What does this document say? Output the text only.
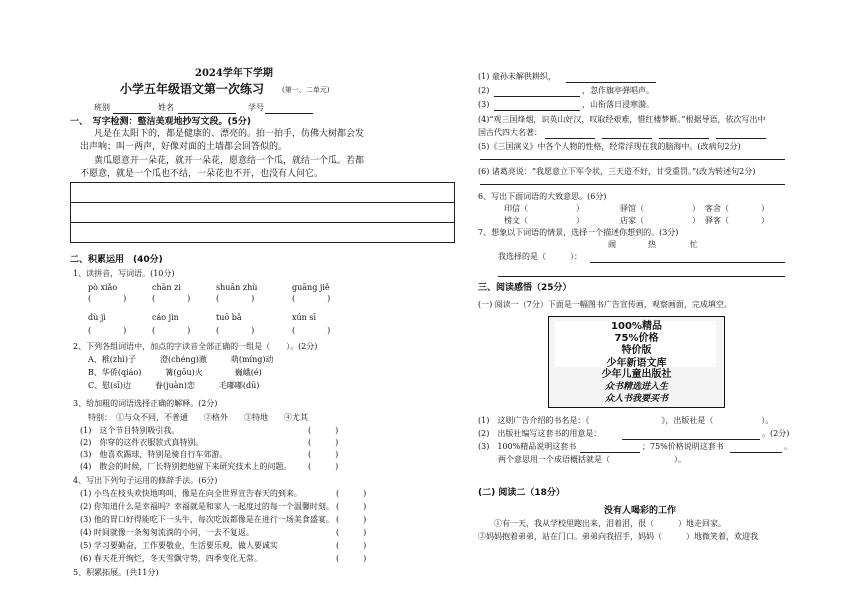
2024学年下学期
小学五年级语文第一次练习	(第一、二单元)
班别	姓名	学号
一、　写字检测：整洁美观地抄写文段。(5分)
凡是在太阳下的，都是健康的、漂亮的。拍一拍手，仿佛大树都会发
出声响；叫一两声，好像对面的土墙都会回答似的。
黄瓜愿意开一朵花，就开一朵花，愿意结一个瓜，就结一个瓜。若都
不愿意，就是一个瓜也不结，一朵花也不开，也没有人问它。
二、积累运用　(40分)
1、读拼音，写词语。(10分)
pò xiǎo	chān zi	shuān zhù	guāng jiě
(　　　　)	(　　　　)	(　　　　)	(　　　　)
dù jì	cáo jìn	tuō bǎ	xún sī
(　　　　)	(　　　　)	(　　　　)	(　　　　)
2、下列各组词语中，加点的字读音全部正确的一组是（　　）。(2分)
A、稚(zhì)子　　　澄(chéng)澈　　　萌(míng)动
B、华侨(qiáo)　　　篝(gōu)火　　　　巍峨(é)
C、慰(sī)边　　　眷(juàn)恋　　　毛嘟嘟(dū)
3、给加粗的词语选择正确的解释。(2分)
特别：　①与众不同，不普通　　②格外　　③特地　　④尤其
(1)　这个节目特别吸引我。	(　　　)
(2)　你穿的这件衣服款式真特别。	(　　　)
(3)　他喜欢踢球，特别是骑自行车郊游。	(　　　)
(4)　散会的时候，厂长特别把他留下来研究技术上的问题。 (　　　)
4、写出下列句子运用的修辞手法。(6分)
(1) 小鸟在枝头欢快地鸣叫，像是在向全世界宣告春天的到来。	(　　　)
(2) 你知道什么是幸福吗？幸福就是和家人一起度过的每一个温馨时刻。 (　　　)
(3) 他的胃口好得能吃下一头牛，每次吃饭都像是在进行一场美食盛宴。 (　　　)
(4) 时间就像一条匆匆流淌的小河，一去不复返。	(　　　)
(5) 学习要勤奋，工作要敬业，生活要乐观，做人要诚实	(　　　)
(6) 春天花开绚烂，冬天雪飘守势，四季变化无常。	(　　　)
5、积累拓展。(共11分)
(1) 童孙未解供耕织，
(2)	，忽作旗亭弹唱声。
(3)	，山衔落日浸寒漪。
(4)“观三国烽烟，识英山好汉，叹取经艰难，惜红楼梦断。”根据导语，依次写出中
国古代四大名著：
(5)《三国演义》中各个人物的性格，经常浮现在我的脑海中。(改病句2分)
(6) 诸葛亮说：“我愿意立下军令状，三天造不好，甘受重罚。”(改为转述句2分)
6、写出下面词语的大致意思。(6分)
印信（　　　　　　）	驿馆（　　　　　　） 客舍（　　　　）
榜文（　　　　　　）	店家（　　　　　　） 驿客（　　　　）
7、想象以下词语的情景，选择一个描述你想到的。(3分)
闹	热	忙
我选择的是（　　　）：
三、阅读感悟（25分）
(一) 阅读一（7分）下面是一幅图书广告宣传画，观察画面，完成填空。
100%精品
75%价格
特价版
少年新语文库
少年儿童出版社
众书精选进入生
众人书我要买书
(1)　这则广告介绍的书名是：《　　　　　　　　　》，出版社是（　　　　　　）。
(2)　出版社编写这套书的用意是：	。(2分)
(3)　100%精品说明这套书	；75%价格说明这套书	。
两个意思用一个成语概括就是（　　　　　　　　）。
(二) 阅读二（18分）
没有人喝彩的工作
①有一天，我从学校里跑出来，泪着泪，很（　　　）地走回家。
②妈妈抱着弟弟，站在门口。弟弟向我招手，妈妈（　　　）地微笑着，欢迎我
